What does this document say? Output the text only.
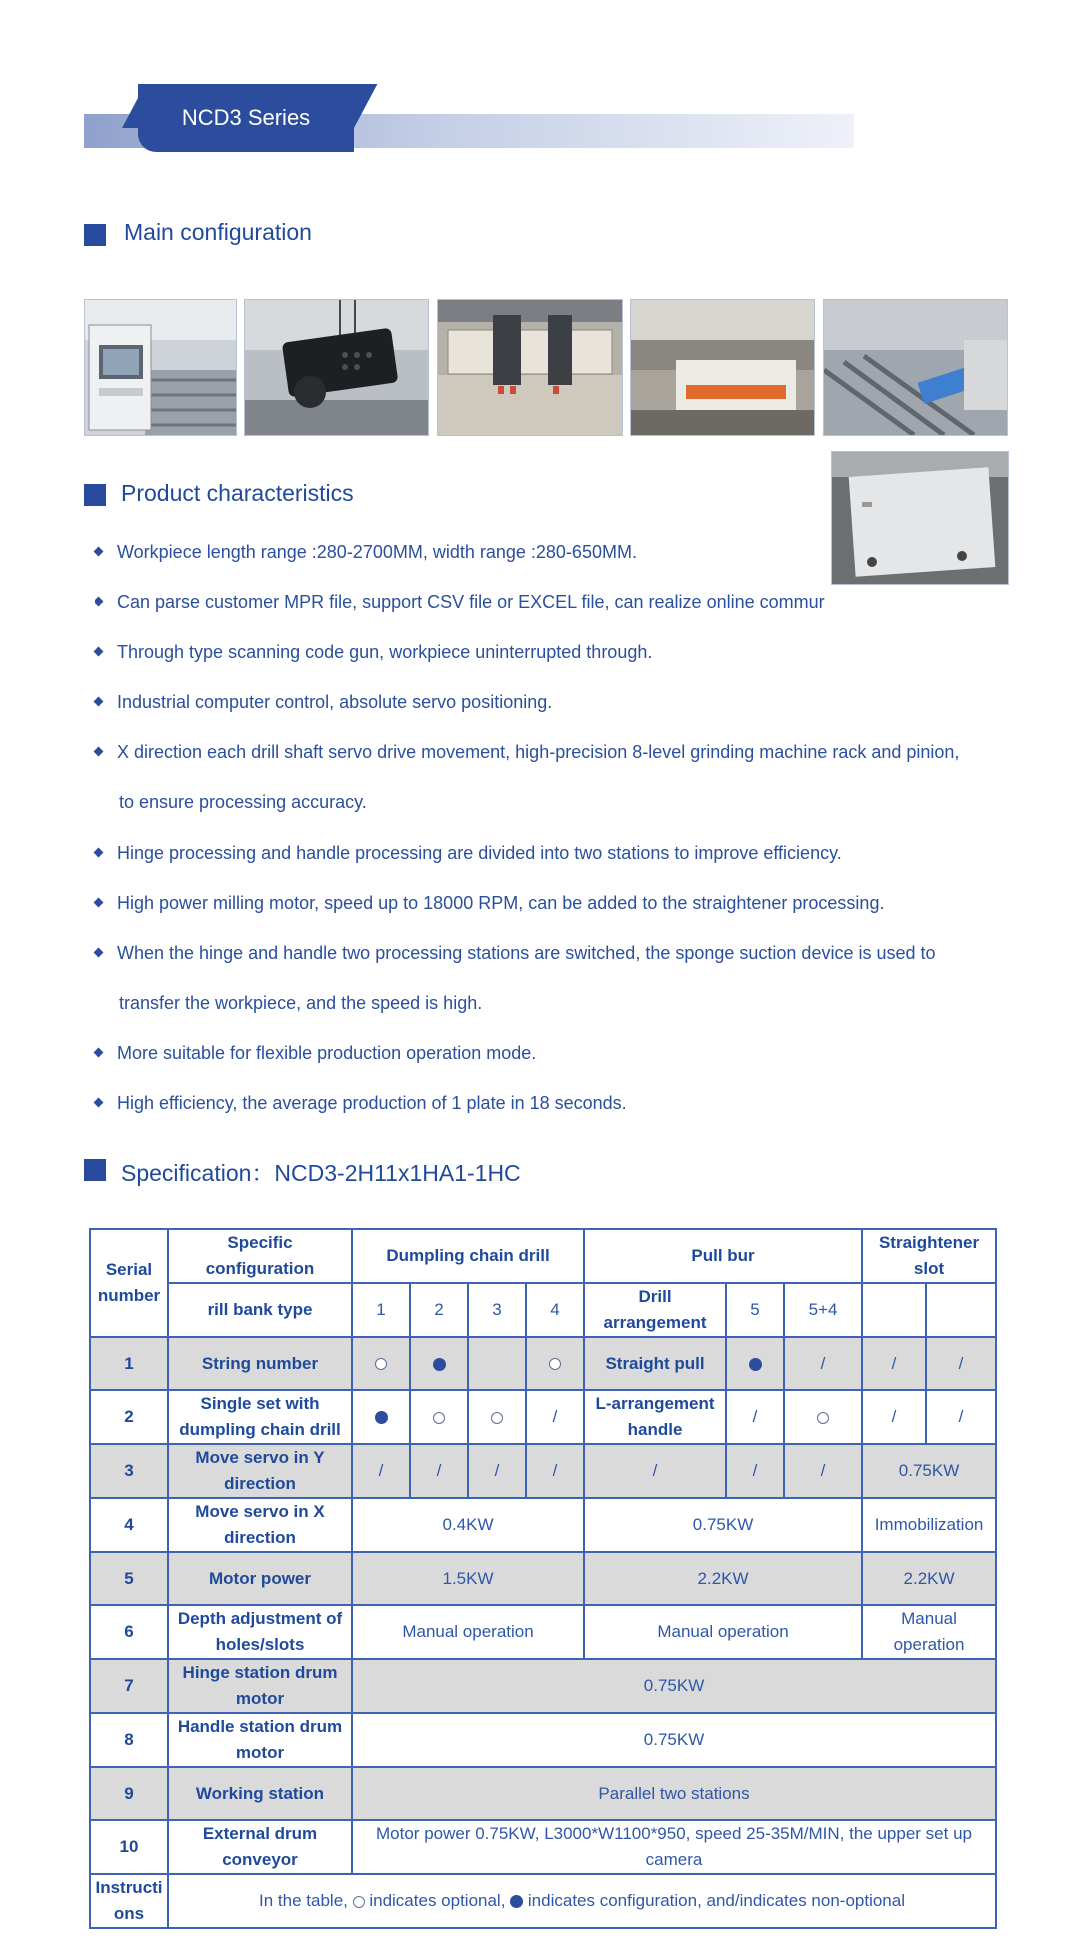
NCD3 Series
Main configuration
Product characteristics
Workpiece length range :280-2700MM, width range :280-650MM.
Can parse customer MPR file, support CSV file or EXCEL file, can realize online commur
Through type scanning code gun, workpiece uninterrupted through.
Industrial computer control, absolute servo positioning.
X direction each drill shaft servo drive movement, high-precision 8-level grinding machine rack and pinion,
to ensure processing accuracy.
Hinge processing and handle processing are divided into two stations to improve efficiency.
High power milling motor, speed up to 18000 RPM, can be added to the straightener processing.
When the hinge and handle two processing stations are switched, the sponge suction device is used to
transfer the workpiece, and the speed is high.
More suitable for flexible production operation mode.
High efficiency, the average production of 1 plate in 18 seconds.
Specification：NCD3-2H11x1HA1-1HC
Serial number	Specific configuration	Dumpling chain drill				Pull bur			Straightener slot	
	rill bank type	1	2	3	4	Drill arrangement	5	5+4		
1	String number					Straight pull		/	/	/
2	Single set with dumpling chain drill				/	L-arrangement handle	/		/	/
3	Move servo in Y direction	/	/	/	/	/	/	/	0.75KW	
4	Move servo in X direction	0.4KW				0.75KW			Immobilization	
5	Motor power	1.5KW				2.2KW			2.2KW	
6	Depth adjustment of holes/slots	Manual operation				Manual operation			Manual operation	
7	Hinge station drum motor	0.75KW								
8	Handle station drum motor	0.75KW								
9	Working station	Parallel two stations								
10	External drum conveyor	Motor power 0.75KW, L3000*W1100*950, speed 25-35M/MIN, the upper set up camera								
Instructions	In the table, indicates optional, indicates configuration, and/indicates non-optional									
